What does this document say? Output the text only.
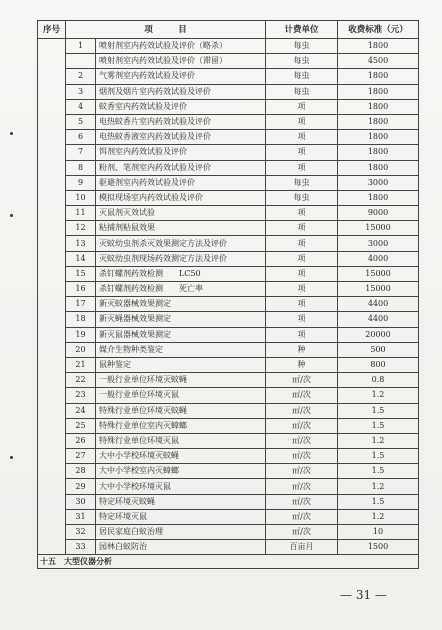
序号	项　　　目		计费单位	收费标准（元）
	1	喷射剂室内药效试验及评价（略杀）	每虫	1800
		喷射剂室内药效试验及评价（滞留）	每虫	4500
	2	气雾剂室内药效试验及评价	每虫	1800
	3	烟剂及烟片室内药效试验及评价	每虫	1800
	4	蚊香室内药效试验及评价	项	1800
	5	电热蚊香片室内药效试验及评价	项	1800
	6	电热蚊香液室内药效试验及评价	项	1800
	7	饵剂室内药效试验及评价	项	1800
	8	粉剂、笔剂室内药效试验及评价	项	1800
	9	驱避剂室内药效试验及评价	每虫	3000
	10	模拟现场室内药效试验及评价	每虫	1800
	11	灭鼠剂灭效试验	项	9000
	12	粘捕剂粘鼠效果	项	15000
	13	灭蚊幼虫剂杀灭效果测定方法及评价	项	3000
	14	灭蚊幼虫剂现场药效测定方法及评价	项	4000
	15	杀钉螺剂药效检测　　LC50	项	15000
	16	杀钉螺剂药效检测　　死亡率	项	15000
	17	新灭蚊器械效果测定	项	4400
	18	新灭蝇器械效果测定	项	4400
	19	新灭鼠器械效果测定	项	20000
	20	媒介生物种类鉴定	种	500
	21	鼠种鉴定	种	800
	22	一般行业单位环境灭蚊蝇	㎡/次	0.8
	23	一般行业单位环境灭鼠	㎡/次	1.2
	24	特殊行业单位环境灭蚊蝇	㎡/次	1.5
	25	特殊行业单位室内灭蟑螂	㎡/次	1.5
	26	特殊行业单位环境灭鼠	㎡/次	1.2
	27	大中小学校环境灭蚊蝇	㎡/次	1.5
	28	大中小学校室内灭蟑螂	㎡/次	1.5
	29	大中小学校环境灭鼠	㎡/次	1.2
	30	特定环境灭蚊蝇	㎡/次	1.5
	31	特定环境灭鼠	㎡/次	1.2
	32	居民家庭白蚁治理	㎡/次	10
	33	园林白蚁防治	百亩月	1500
十五　大型仪器分析				
— 31 —
